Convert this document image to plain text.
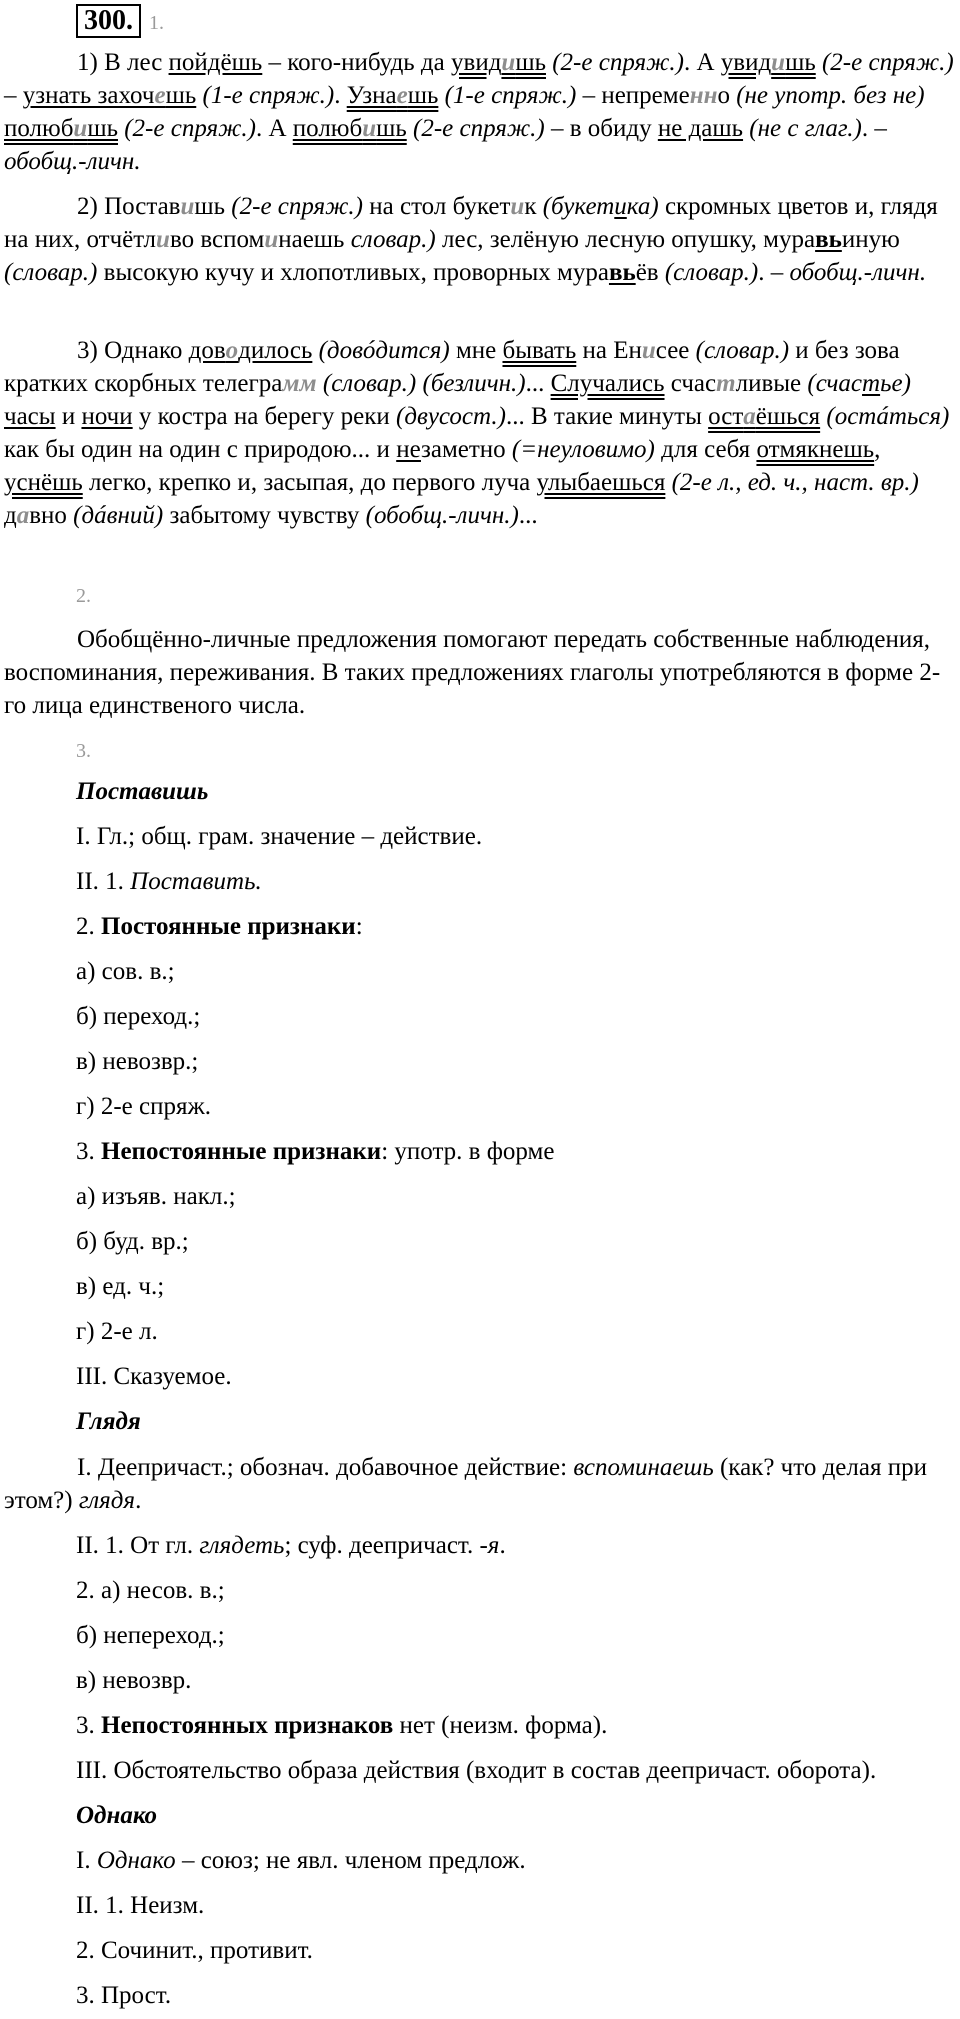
300. 1.

1) В лес пойдёшь – кого-нибудь да увидишь (2-е спряж.). А увидишь (2-е спряж.) – узнать захочешь (1-е спряж.). Узнаешь (1-е спряж.) – непременно (не употр. без не) полюбишь (2-е спряж.). А полюбишь (2-е спряж.) – в обиду не дашь (не с глаг.). – обобщ.-личн.

2) Поставишь (2-е спряж.) на стол букетик (букетика) скромных цветов и, глядя на них, отчётливо вспоминаешь словар.) лес, зелёную лесную опушку, муравьиную (словар.) высокую кучу и хлопотливых, проворных муравьёв (словар.). – обобщ.-личн.

3) Однако доводилось (довóдится) мне бывать на Енисее (словар.) и без зова кратких скорбных телеграмм (словар.) (безличн.)... Случались счастливые (счастье) часы и ночи у костра на берегу реки (двусост.)... В такие минуты остаёшься (остáться) как бы один на один с природою... и незаметно (=неуловимо) для себя отмякнешь, уснёшь легко, крепко и, засыпая, до первого луча улыбаешься (2-е л., ед. ч., наст. вр.) давно (дáвний) забытому чувству (обобщ.-личн.)...

2.

Обобщённо-личные предложения помогают передать собственные наблюдения, воспоминания, переживания. В таких предложениях глаголы употребляются в форме 2-го лица единственого числа.

3.

Поставишь

I. Гл.; общ. грам. значение – действие.

II. 1. Поставить.

2. Постоянные признаки:

а) сов. в.;

б) переход.;

в) невозвр.;

г) 2-е спряж.

3. Непостоянные признаки: употр. в форме

а) изъяв. накл.;

б) буд. вр.;

в) ед. ч.;

г) 2-е л.

III. Сказуемое.

Глядя

I. Деепричаст.; обознач. добавочное действие: вспоминаешь (как? что делая при этом?) глядя.

II. 1. От гл. глядеть; суф. деепричаст. -я.

2. а) несов. в.;

б) непереход.;

в) невозвр.

3. Непостоянных признаков нет (неизм. форма).

III. Обстоятельство образа действия (входит в состав деепричаст. оборота).

Однако

I. Однако – союз; не явл. членом предлож.

II. 1. Неизм.

2. Сочинит., противит.

3. Прост.
